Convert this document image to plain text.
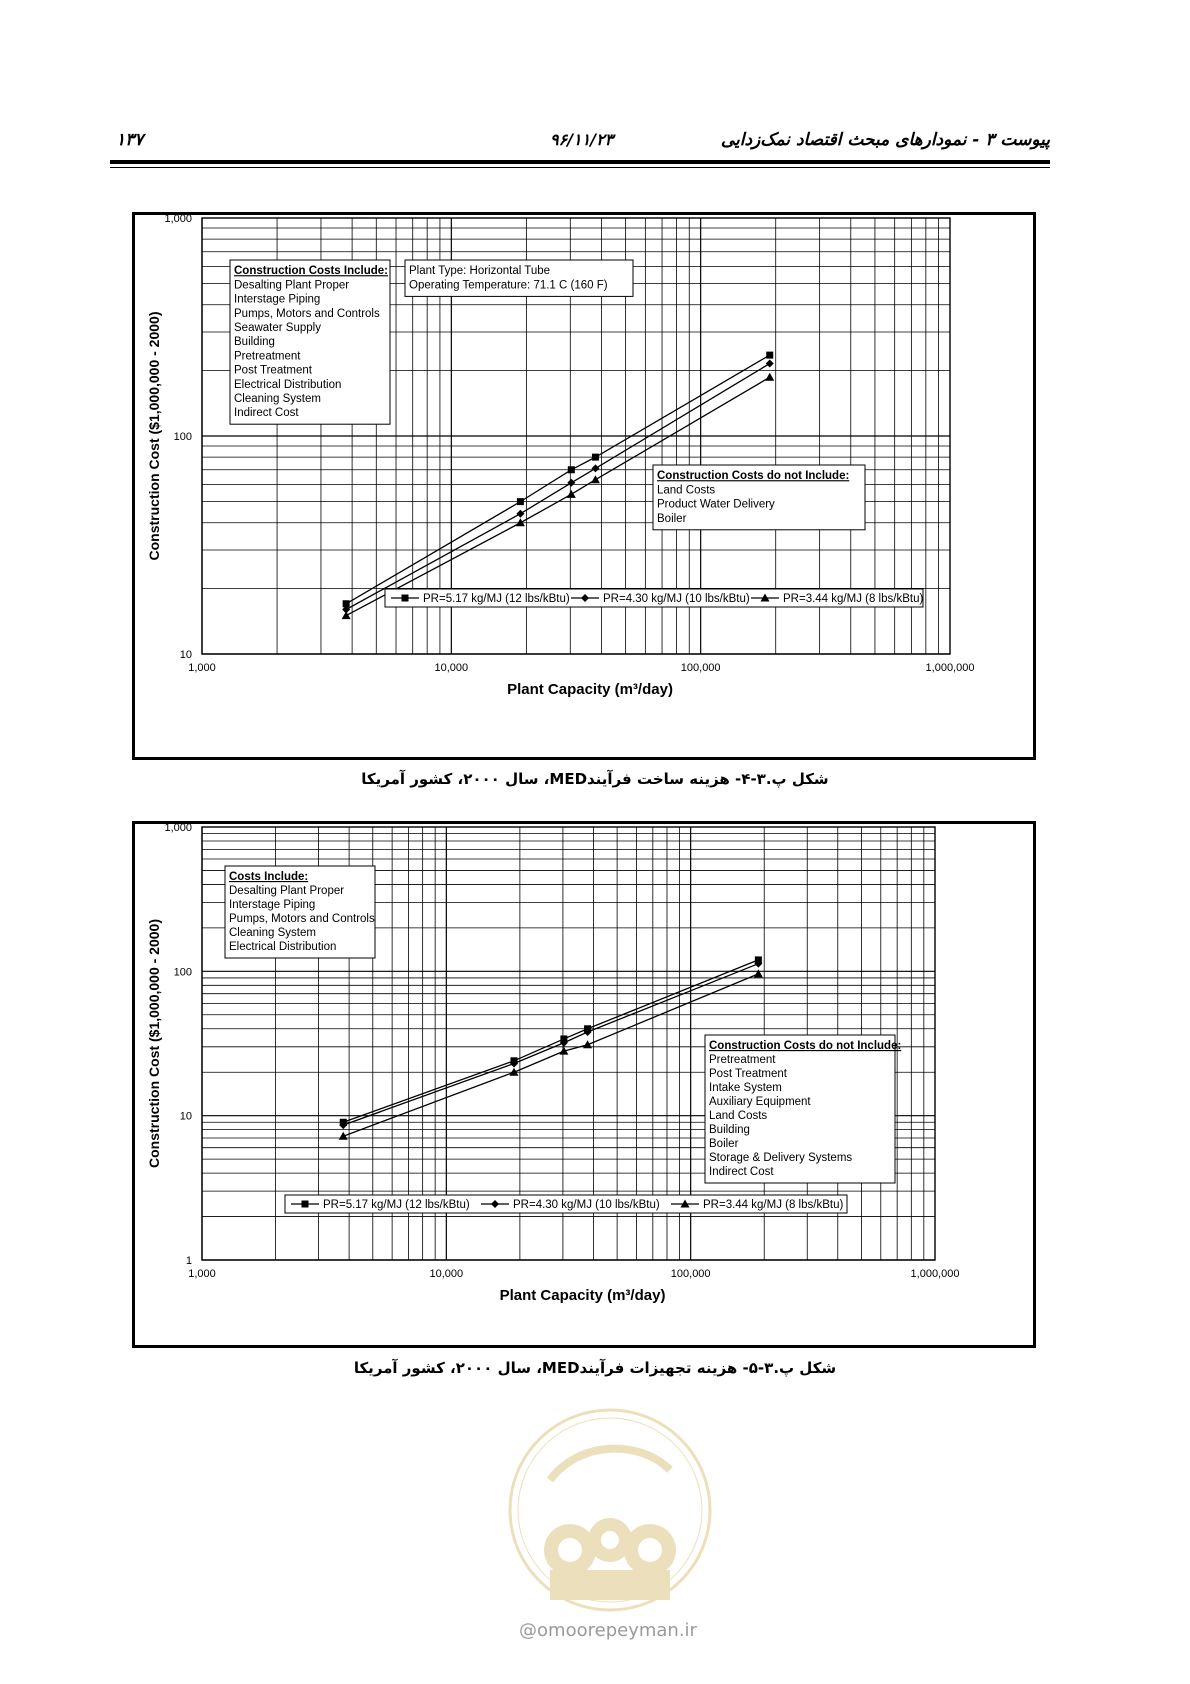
پیوست ۳ - نمودارهای مبحث اقتصاد نمک‌زدایی
۹۶/۱۱/۲۳
۱۳۷
1,000	10,000	100,000	1,000,000
10
100
1,000
Plant Capacity (m³/day)
Construction Cost ($1,000,000 - 2000)
Construction Costs Include:
Desalting Plant Proper
Interstage Piping
Pumps, Motors and Controls
Seawater Supply
Building
Pretreatment
Post Treatment
Electrical Distribution
Cleaning System
Indirect Cost
Plant Type: Horizontal Tube
Operating Temperature: 71.1 C (160 F)
Construction Costs do not Include:
Land Costs
Product Water Delivery
Boiler
PR=5.17 kg/MJ (12 lbs/kBtu)	PR=4.30 kg/MJ (10 lbs/kBtu)	PR=3.44 kg/MJ (8 lbs/kBtu)
شکل پ.۳-۴- هزینه ساخت فرآیندMED، سال ۲۰۰۰، کشور آمریکا
1,000	10,000	100,000	1,000,000
1
10
100
1,000
Plant Capacity (m³/day)
Construction Cost ($1,000,000 - 2000)
Costs Include:
Desalting Plant Proper
Interstage Piping
Pumps, Motors and Controls
Cleaning System
Electrical Distribution
Construction Costs do not Include:
Pretreatment
Post Treatment
Intake System
Auxiliary Equipment
Land Costs
Building
Boiler
Storage & Delivery Systems
Indirect Cost
PR=5.17 kg/MJ (12 lbs/kBtu)	PR=4.30 kg/MJ (10 lbs/kBtu)	PR=3.44 kg/MJ (8 lbs/kBtu)
شکل پ.۳-۵- هزینه تجهیزات فرآیندMED، سال ۲۰۰۰، کشور آمریکا
@omoorepeyman.ir
